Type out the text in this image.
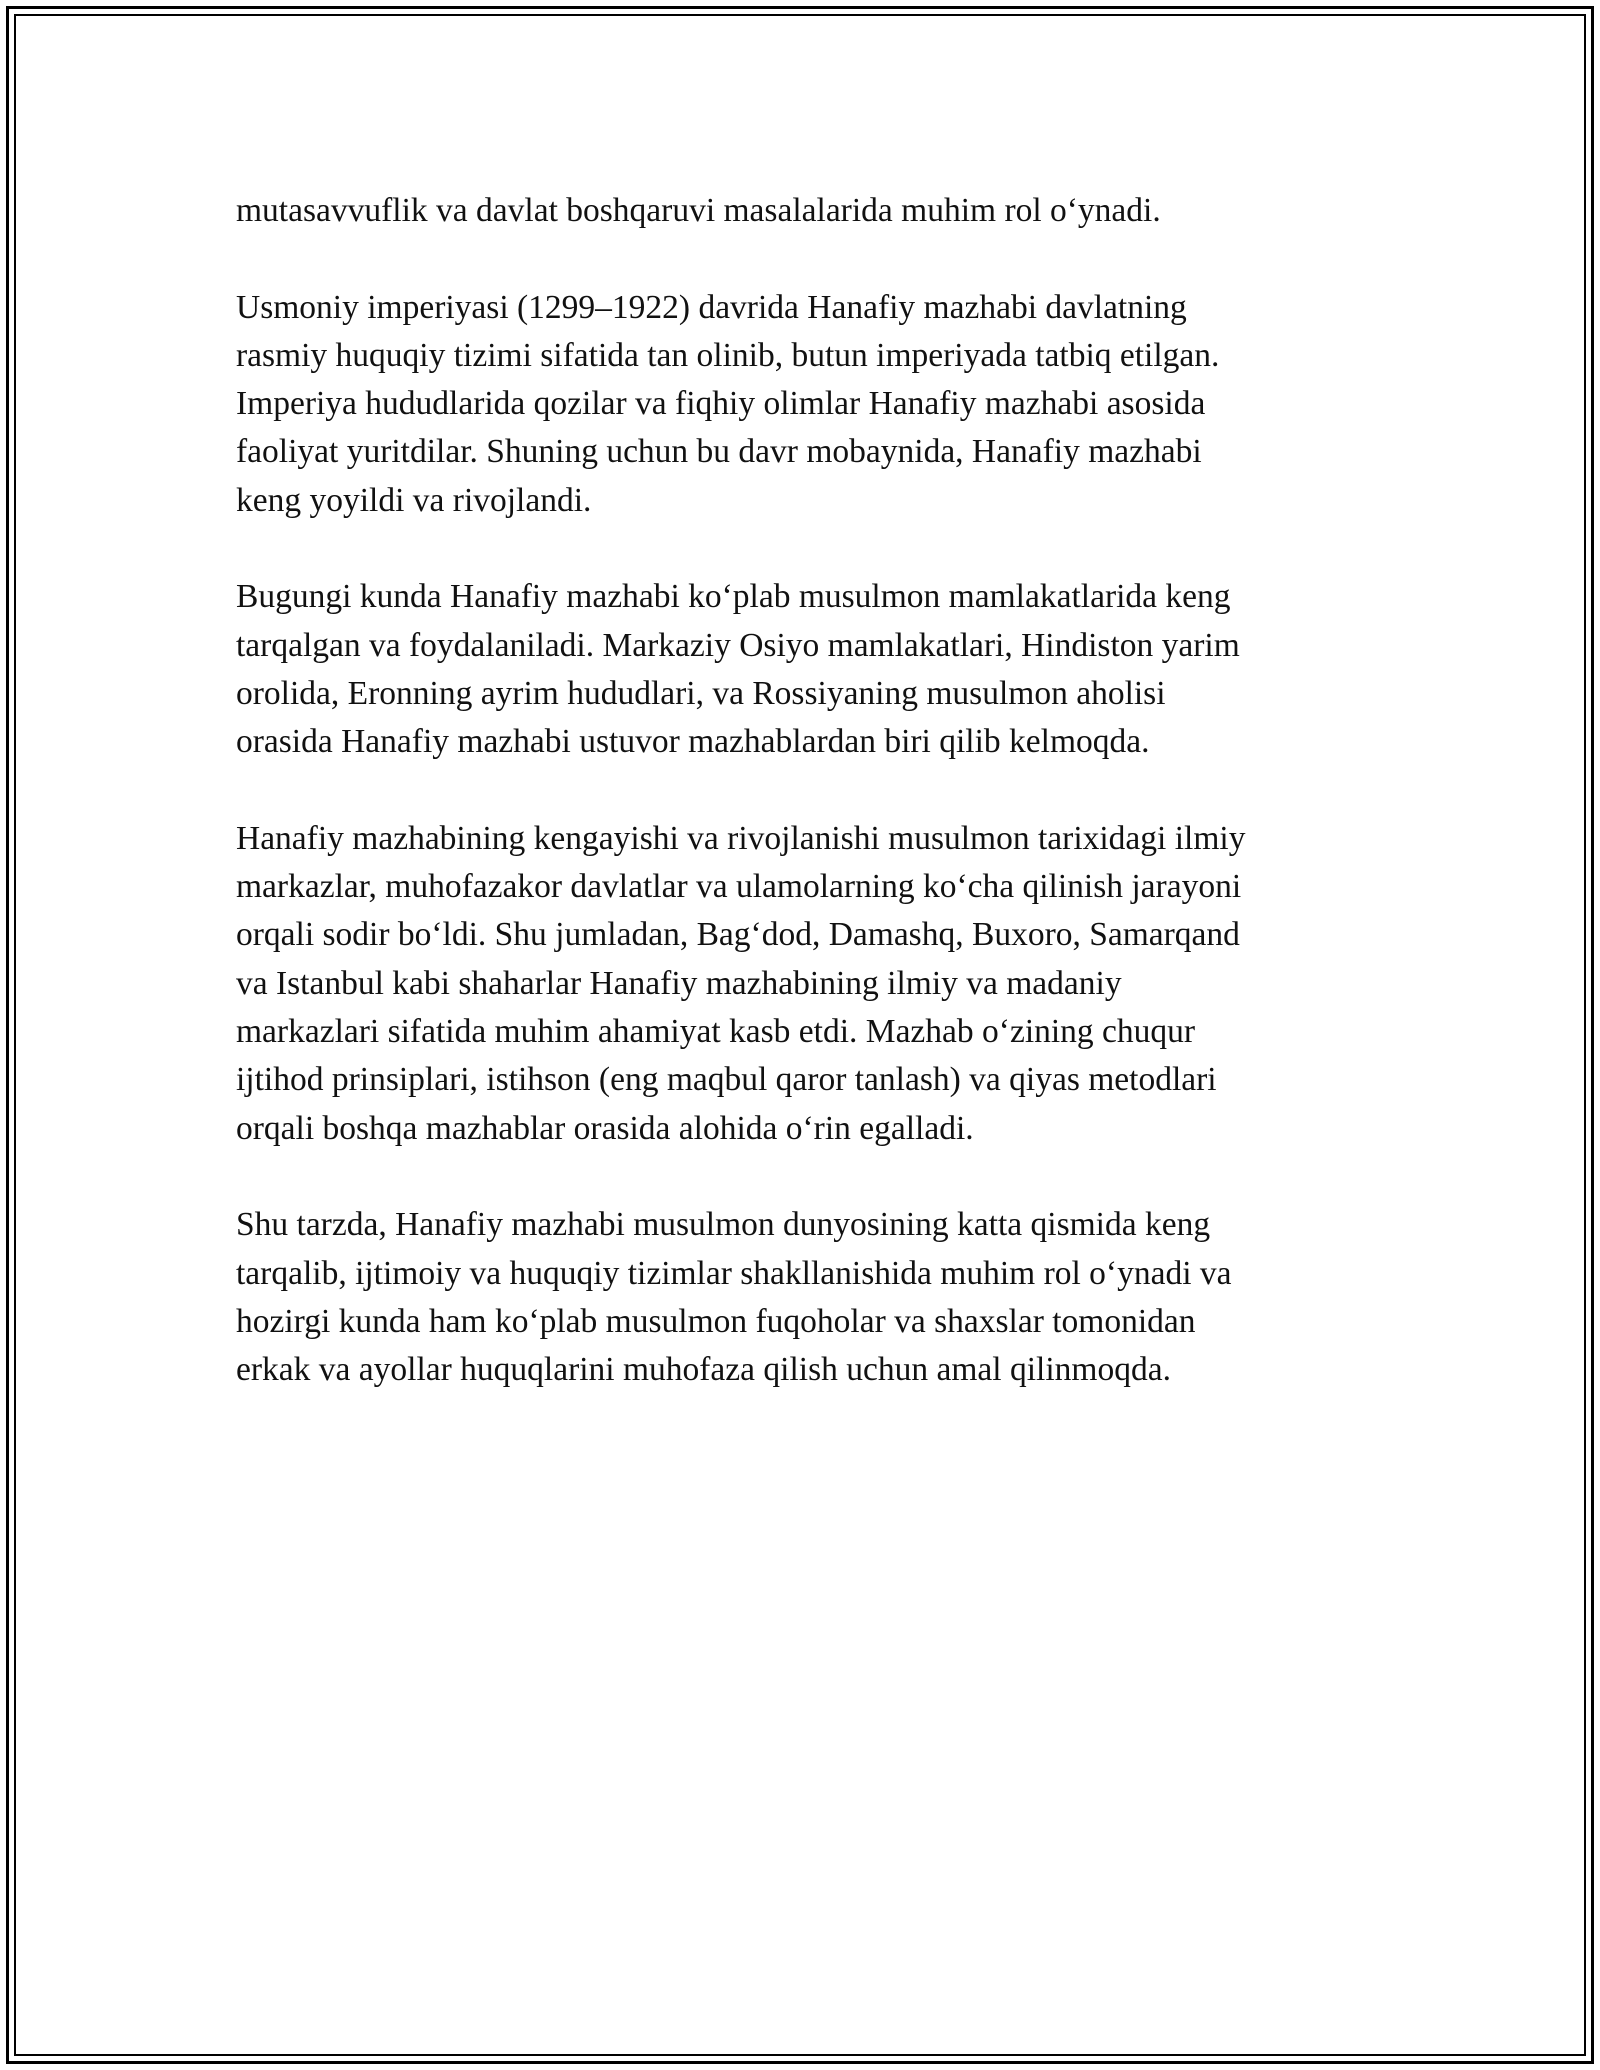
mutasavvuflik va davlat boshqaruvi masalalarida muhim rol o‘ynadi.

Usmoniy imperiyasi (1299–1922) davrida Hanafiy mazhabi davlatning
rasmiy huquqiy tizimi sifatida tan olinib, butun imperiyada tatbiq etilgan.
Imperiya hududlarida qozilar va fiqhiy olimlar Hanafiy mazhabi asosida
faoliyat yuritdilar. Shuning uchun bu davr mobaynida, Hanafiy mazhabi
keng yoyildi va rivojlandi.

Bugungi kunda Hanafiy mazhabi ko‘plab musulmon mamlakatlarida keng
tarqalgan va foydalaniladi. Markaziy Osiyo mamlakatlari, Hindiston yarim
orolida, Eronning ayrim hududlari, va Rossiyaning musulmon aholisi
orasida Hanafiy mazhabi ustuvor mazhablardan biri qilib kelmoqda.

Hanafiy mazhabining kengayishi va rivojlanishi musulmon tarixidagi ilmiy
markazlar, muhofazakor davlatlar va ulamolarning ko‘cha qilinish jarayoni
orqali sodir bo‘ldi. Shu jumladan, Bag‘dod, Damashq, Buxoro, Samarqand
va Istanbul kabi shaharlar Hanafiy mazhabining ilmiy va madaniy
markazlari sifatida muhim ahamiyat kasb etdi. Mazhab o‘zining chuqur
ijtihod prinsiplari, istihson (eng maqbul qaror tanlash) va qiyas metodlari
orqali boshqa mazhablar orasida alohida o‘rin egalladi.

Shu tarzda, Hanafiy mazhabi musulmon dunyosining katta qismida keng
tarqalib, ijtimoiy va huquqiy tizimlar shakllanishida muhim rol o‘ynadi va
hozirgi kunda ham ko‘plab musulmon fuqoholar va shaxslar tomonidan
erkak va ayollar huquqlarini muhofaza qilish uchun amal qilinmoqda.
